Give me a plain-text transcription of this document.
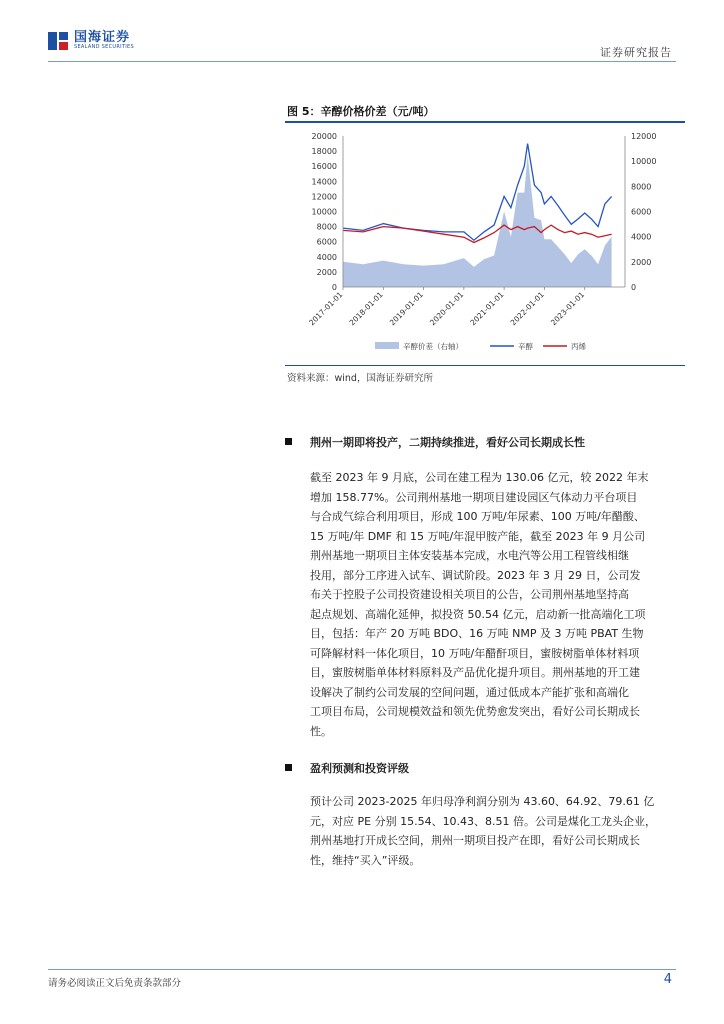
国海证券
SEALAND SECURITIES	证券研究报告
图 5：辛醇价格价差（元/吨）
0
2000
4000
6000
8000
10000
12000
14000
16000
18000
20000
0
2000
4000
6000
8000
10000
12000
2017-01-01 2018-01-01 2019-01-01 2020-01-01 2021-01-01 2022-01-01 2023-01-01
辛醇价差（右轴）	辛醇	丙烯
资料来源：wind，国海证券研究所
荆州一期即将投产，二期持续推进，看好公司长期成长性
截至 2023 年 9 月底，公司在建工程为 130.06 亿元，较 2022 年末
增加 158.77%。公司荆州基地一期项目建设园区气体动力平台项目
与合成气综合利用项目，形成 100 万吨/年尿素、100 万吨/年醋酸、
15 万吨/年 DMF 和 15 万吨/年混甲胺产能，截至 2023 年 9 月公司
荆州基地一期项目主体安装基本完成，水电汽等公用工程管线相继
投用，部分工序进入试车、调试阶段。2023 年 3 月 29 日，公司发
布关于控股子公司投资建设相关项目的公告，公司荆州基地坚持高
起点规划、高端化延伸，拟投资 50.54 亿元，启动新一批高端化工项
目，包括：年产 20 万吨 BDO、16 万吨 NMP 及 3 万吨 PBAT 生物
可降解材料一体化项目，10 万吨/年醋酐项目，蜜胺树脂单体材料项
目，蜜胺树脂单体材料原料及产品优化提升项目。荆州基地的开工建
设解决了制约公司发展的空间问题，通过低成本产能扩张和高端化
工项目布局，公司规模效益和领先优势愈发突出，看好公司长期成长
性。
盈利预测和投资评级
预计公司 2023-2025 年归母净利润分别为 43.60、64.92、79.61 亿
元，对应 PE 分别 15.54、10.43、8.51 倍。公司是煤化工龙头企业，
荆州基地打开成长空间，荆州一期项目投产在即，看好公司长期成长
性，维持“买入”评级。
请务必阅读正文后免责条款部分	4
